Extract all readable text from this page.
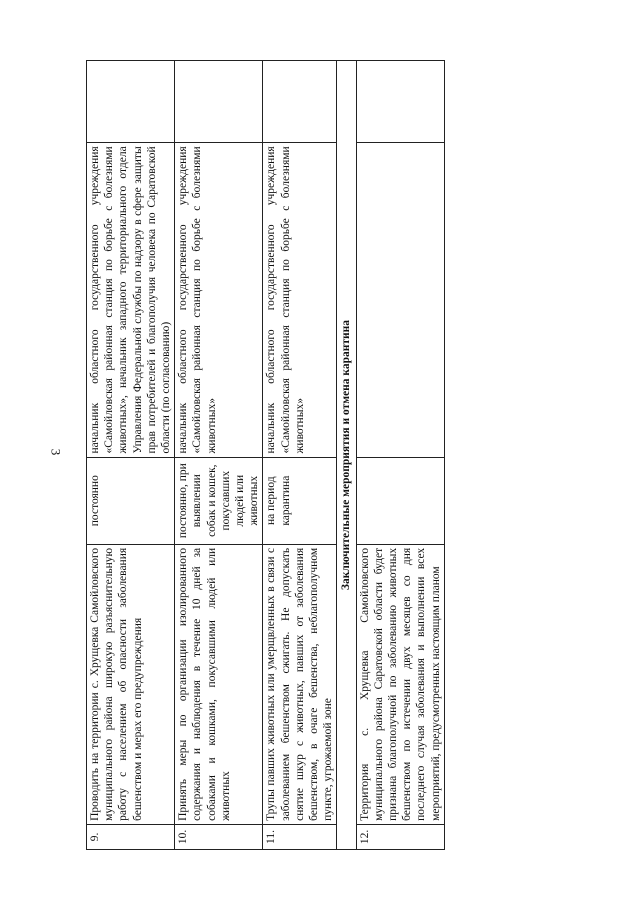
3
9.	Проводить на территории с. Хрущевка Самойловского муниципального района широкую разъяснительную работу с населением об опасности заболевания бешенством и мерах его предупреждения	постоянно	начальник областного государственного учреждения «Самойловская районная станция по борьбе с болезнями животных», начальник западного территориального отдела Управления Федеральной службы по надзору в сфере защиты прав потребителей и благополучия человека по Саратовской области (по согласованию)	
10.	Принять меры по организации изолированного содержания и наблюдения в течение 10 дней за собаками и кошками, покусавшими людей или животных	постоянно, при выявлении собак и кошек, покусавших людей или животных	начальник областного государственного учреждения «Самойловская районная станция по борьбе с болезнями животных»	
11.	Трупы павших животных или умерщвленных в связи с заболеванием бешенством сжигать. Не допускать снятие шкур с животных, павших от заболевания бешенством, в очаге бешенства, неблагополучном пункте, угрожаемой зоне	на период карантина	начальник областного государственного учреждения «Самойловская районная станция по борьбе с болезнями животных»	
Заключительные мероприятия и отмена карантина				
12.	Территория с. Хрущевка Самойловского муниципального района Саратовской области будет признана благополучной по заболеванию животных бешенством по истечении двух месяцев со дня последнего случая заболевания и выполнении всех мероприятий, предусмотренных настоящим планом			
